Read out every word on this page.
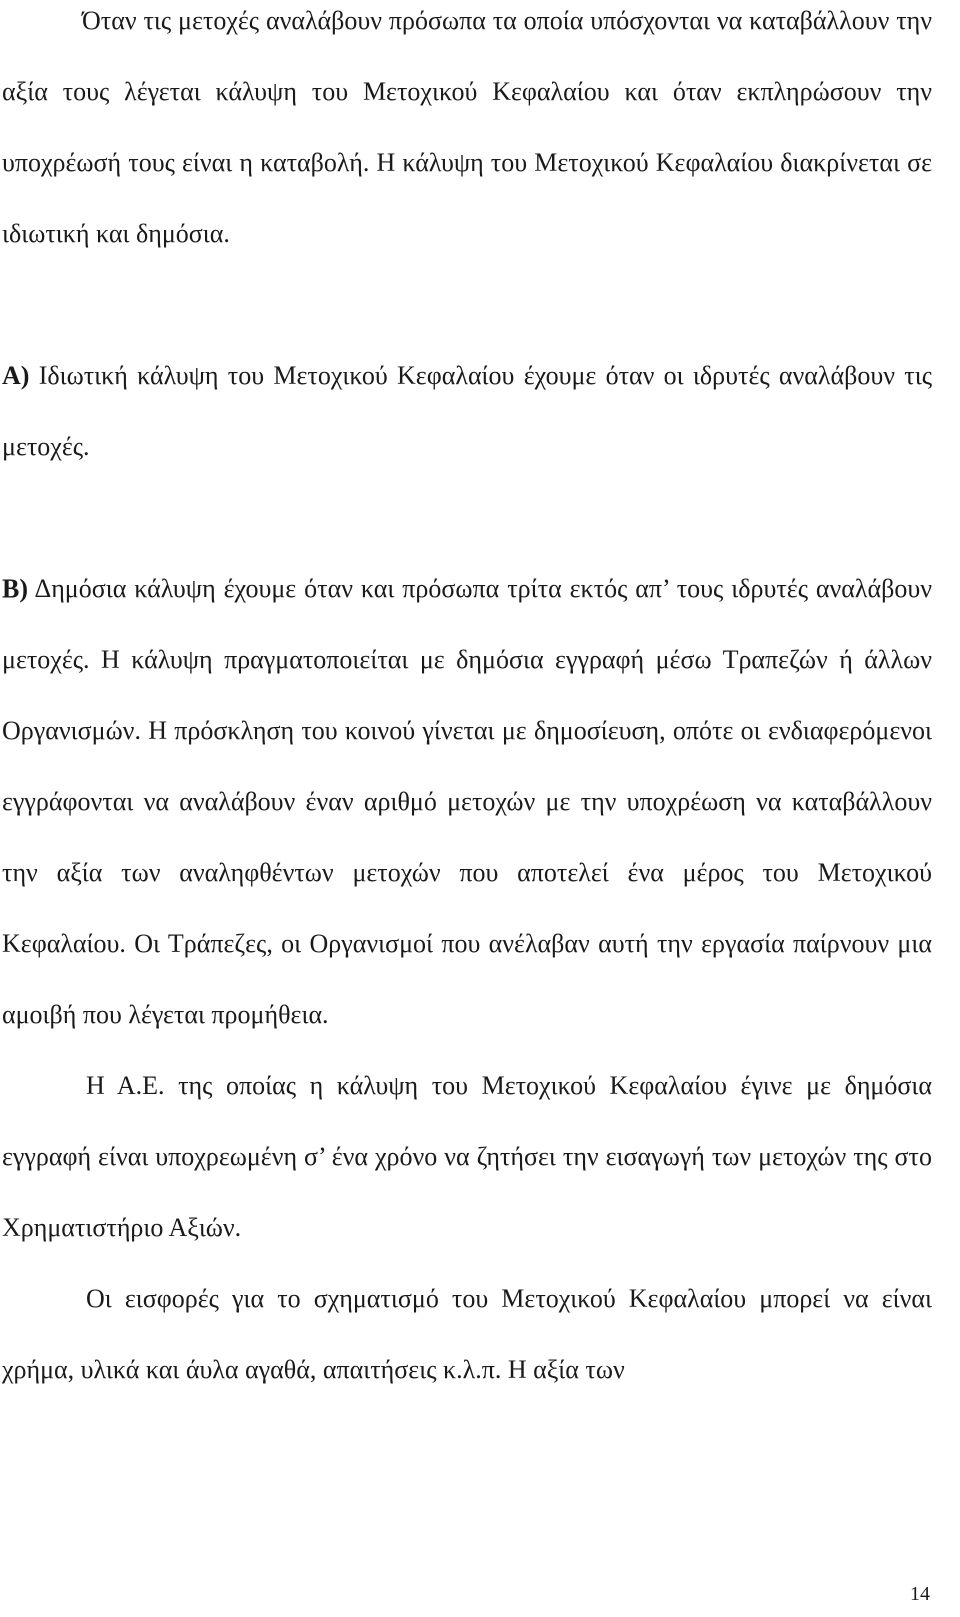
Όταν τις μετοχές αναλάβουν πρόσωπα τα οποία υπόσχονται να καταβάλλουν την αξία τους λέγεται κάλυψη του Μετοχικού Κεφαλαίου και όταν εκπληρώσουν την υποχρέωσή τους είναι η καταβολή. Η κάλυψη του Μετοχικού Κεφαλαίου διακρίνεται σε ιδιωτική και δημόσια.

Α) Ιδιωτική κάλυψη του Μετοχικού Κεφαλαίου έχουμε όταν οι ιδρυτές αναλάβουν τις μετοχές.

Β) Δημόσια κάλυψη έχουμε όταν και πρόσωπα τρίτα εκτός απ’ τους ιδρυτές αναλάβουν μετοχές. Η κάλυψη πραγματοποιείται με δημόσια εγγραφή μέσω Τραπεζών ή άλλων Οργανισμών. Η πρόσκληση του κοινού γίνεται με δημοσίευση, οπότε οι ενδιαφερόμενοι εγγράφονται να αναλάβουν έναν αριθμό μετοχών με την υποχρέωση να καταβάλλουν την αξία των αναληφθέντων μετοχών που αποτελεί ένα μέρος του Μετοχικού Κεφαλαίου. Οι Τράπεζες, οι Οργανισμοί που ανέλαβαν αυτή την εργασία παίρνουν μια αμοιβή που λέγεται προμήθεια.

Η Α.Ε. της οποίας η κάλυψη του Μετοχικού Κεφαλαίου έγινε με δημόσια εγγραφή είναι υποχρεωμένη σ’ ένα χρόνο να ζητήσει την εισαγωγή των μετοχών της στο Χρηματιστήριο Αξιών.

Οι εισφορές για το σχηματισμό του Μετοχικού Κεφαλαίου μπορεί να είναι χρήμα, υλικά και άυλα αγαθά, απαιτήσεις κ.λ.π. Η αξία των

14
